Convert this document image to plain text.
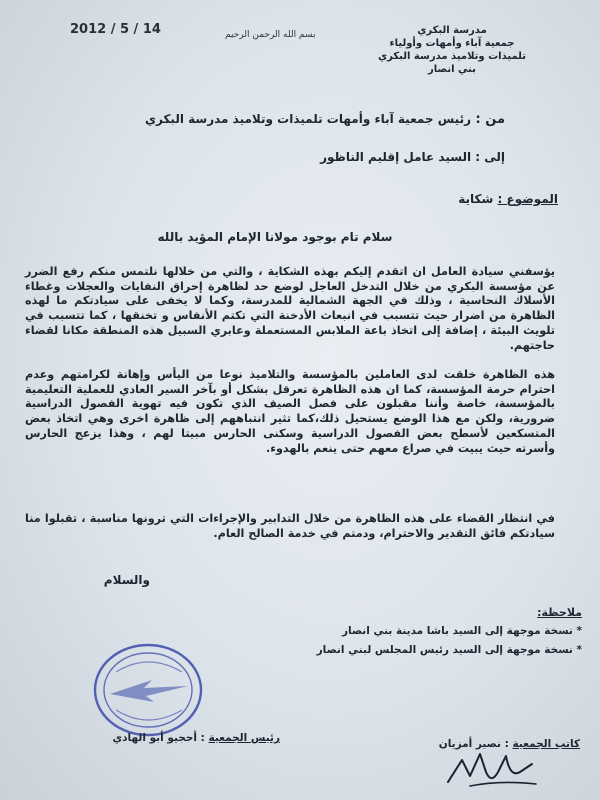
2012 / 5 / 14	بسم الله الرحمن الرحيم	مدرسة البكري
جمعية آباء وأمهات وأولياء
تلميذات وتلاميذ مدرسة البكري
بني انصار
من : رئيس جمعية آباء وأمهات تلميذات وتلاميذ مدرسة البكري
إلى : السيد عامل إقليم الناظور
الموضوع : شكاية
سلام تام بوجود مولانا الإمام المؤيد بالله
يؤسفني سيادة العامل ان اتقدم إليكم بهذه الشكاية ، والتي من خلالها نلتمس منكم رفع الضرر عن مؤسسة البكري من خلال التدخل العاجل لوضع حد لظاهرة إحراق النفايات والعجلات وغطاء الأسلاك النحاسية ، وذلك في الجهة الشمالية للمدرسة، وكما لا يخفى على سيادتكم ما لهذه الظاهرة من اضرار حيث تتسبب في انبعاث الأدخنة التي تكتم الأنفاس و تخنقها ، كما تتسبب في تلويث البيئة ، إضافة إلى اتخاذ باعة الملابس المستعملة وعابري السبيل هذه المنطقة مكانا لقضاء حاجتهم.
هذه الظاهرة خلقت لدى العاملين بالمؤسسة والتلاميذ نوعا من اليأس وإهانة لكرامتهم وعدم احترام حرمة المؤسسة، كما ان هذه الظاهرة تعرقل بشكل أو بآخر السير العادي للعملية التعليمية بالمؤسسة، خاصة وأننا مقبلون على فصل الصيف الذي تكون فيه تهوية الفصول الدراسية ضرورية، ولكن مع هذا الوضع يستحيل ذلك،كما تثير انتباههم إلى ظاهرة اخرى وهي اتخاذ بعض المتسكعين لأسطح بعض الفصول الدراسية وسكنى الحارس مبيتا لهم ، وهذا يزعج الحارس وأسرته حيث يبيت في صراع معهم حتى ينعم بالهدوء.
في انتظار القضاء على هذه الظاهرة من خلال التدابير والإجراءات التي ترونها مناسبة ، تقبلوا منا سيادتكم فائق التقدير والاحترام، ودمتم في خدمة الصالح العام.
والسلام
ملاحظة:
* نسخة موجهة إلى السيد باشا مدينة بني انصار
* نسخة موجهة إلى السيد رئيس المجلس لبني انصار
رئيس الجمعية : أحجيو أبو الهادي	كاتب الجمعية : نصير أمزيان
